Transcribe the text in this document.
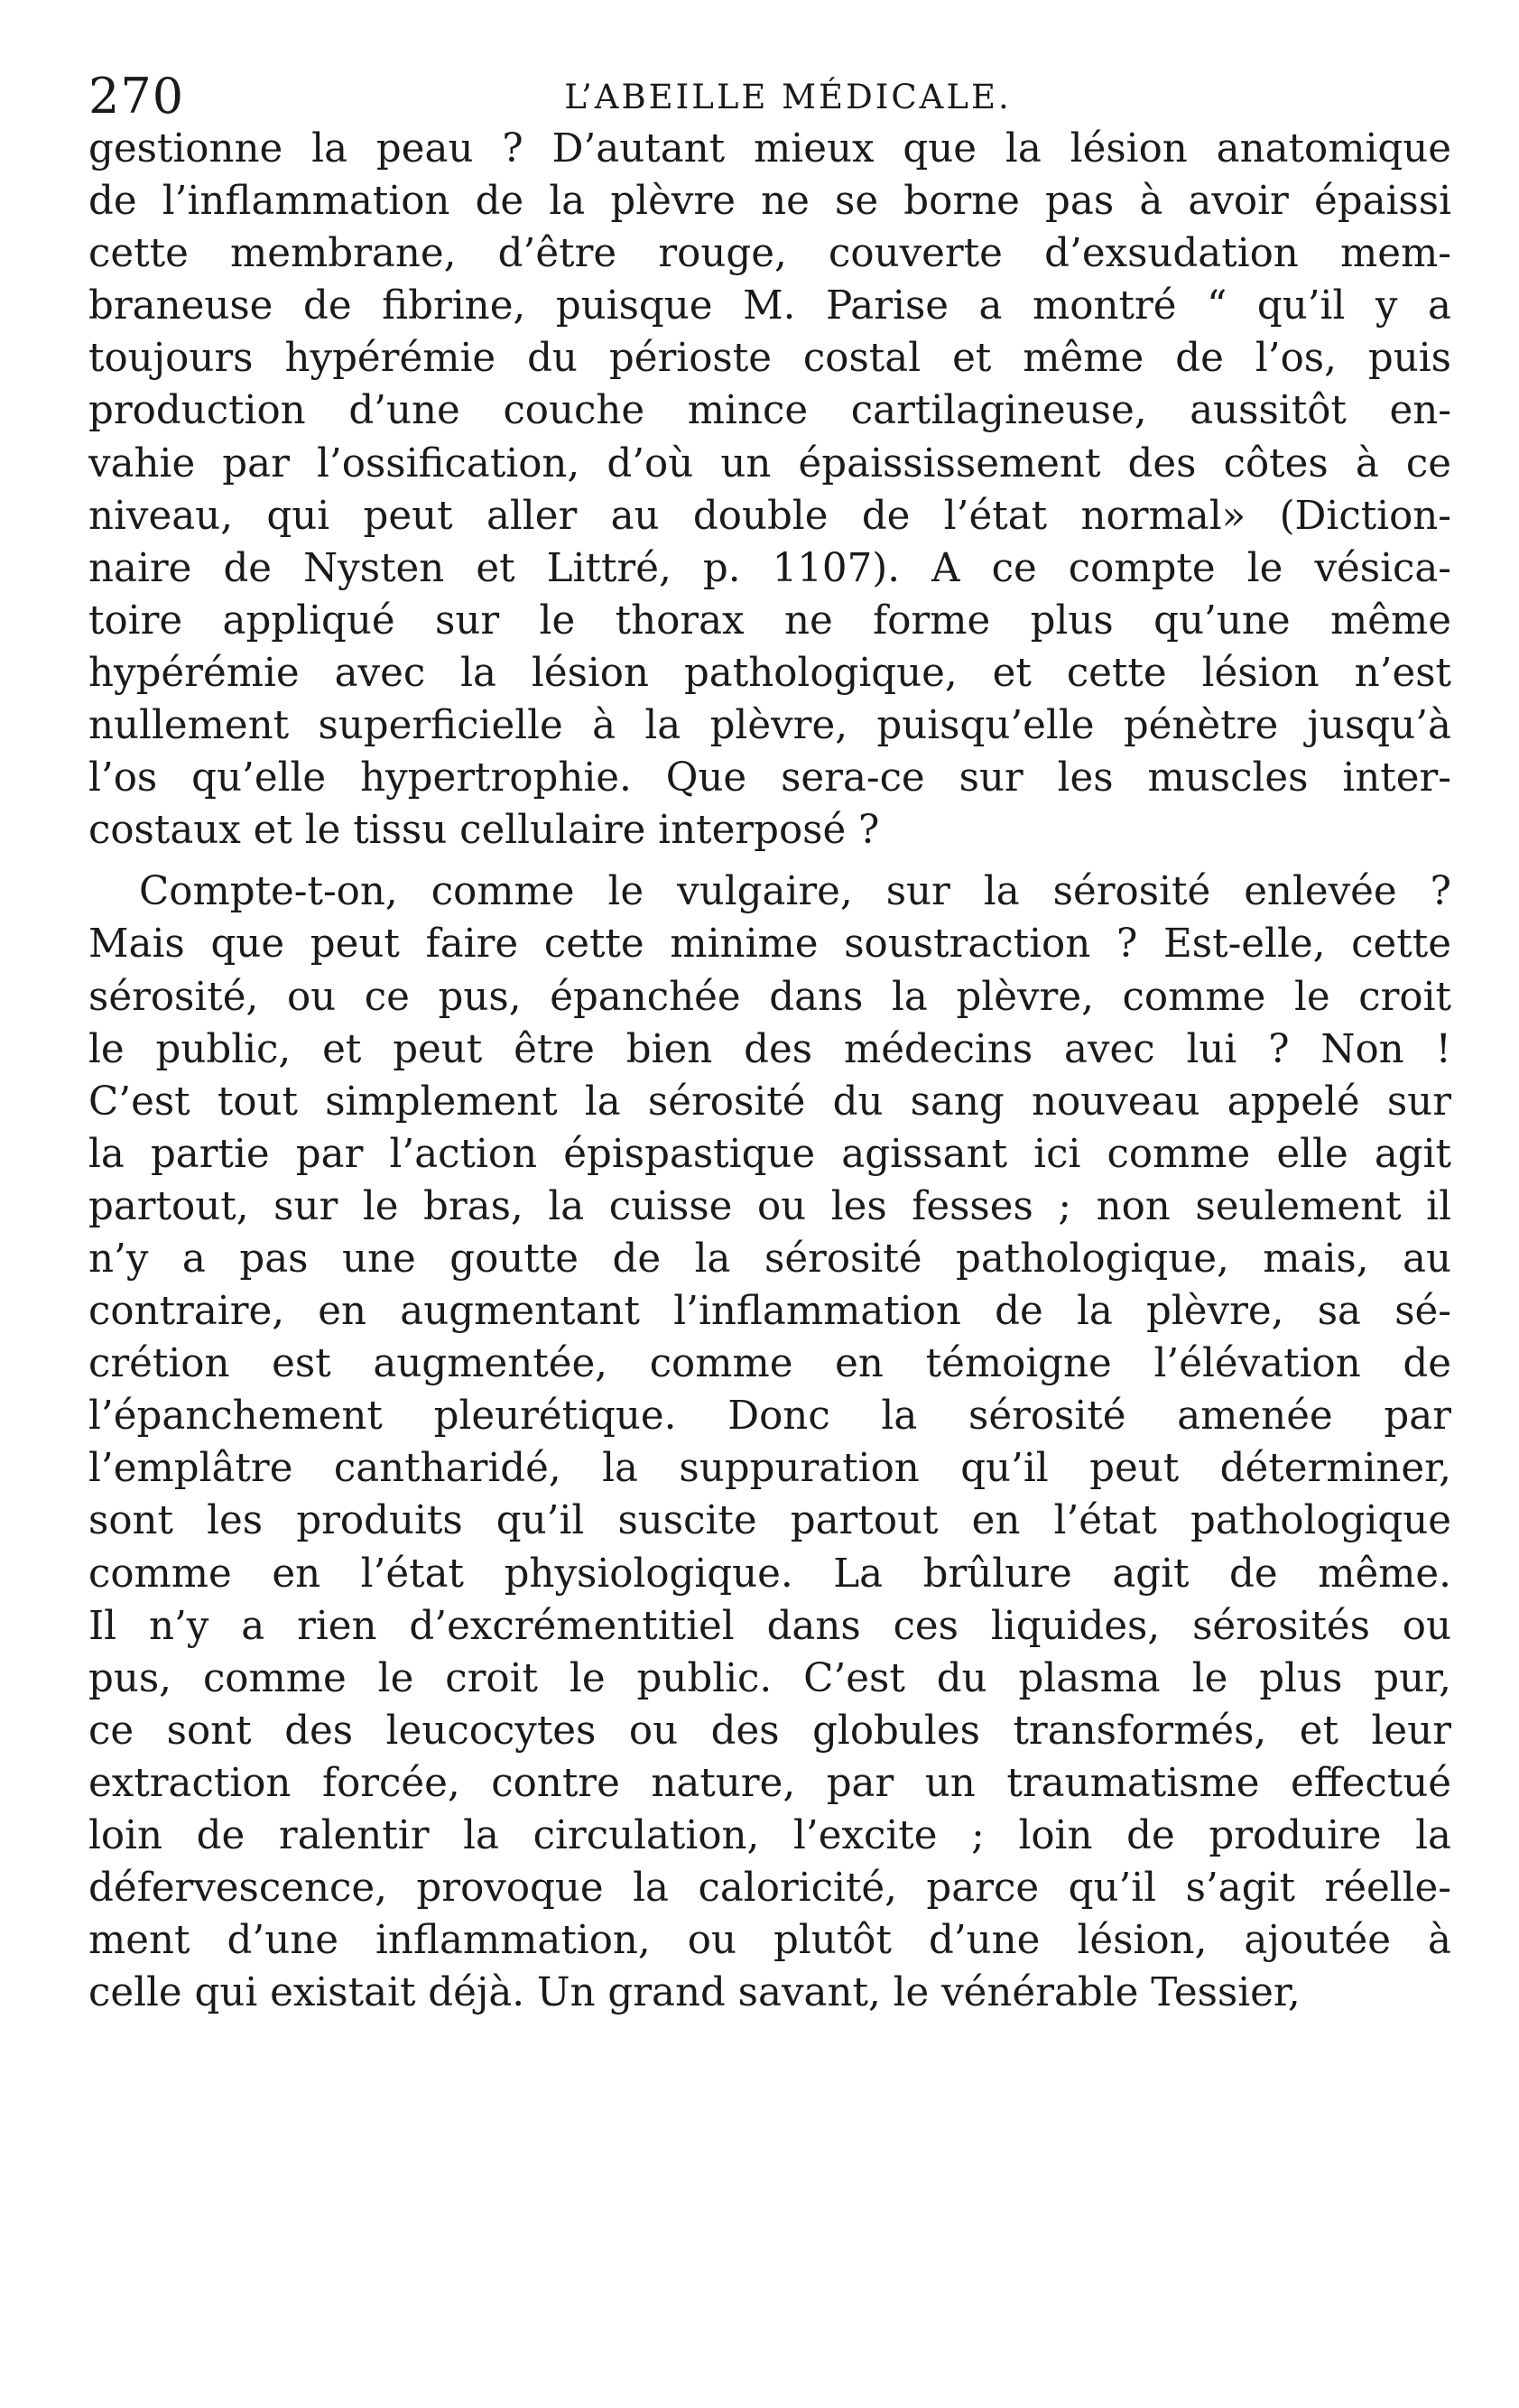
270	L’ABEILLE MÉDICALE.
gestionne la peau ? D’autant mieux que la lésion anatomique
de l’inflammation de la plèvre ne se borne pas à avoir épaissi
cette membrane, d’être rouge, couverte d’exsudation mem-
braneuse de fibrine, puisque M. Parise a montré “ qu’il y a
toujours hypérémie du périoste costal et même de l’os, puis
production d’une couche mince cartilagineuse, aussitôt en-
vahie par l’ossification, d’où un épaississement des côtes à ce
niveau, qui peut aller au double de l’état normal» (Diction-
naire de Nysten et Littré, p. 1107). A ce compte le vésica-
toire appliqué sur le thorax ne forme plus qu’une même
hypérémie avec la lésion pathologique, et cette lésion n’est
nullement superficielle à la plèvre, puisqu’elle pénètre jusqu’à
l’os qu’elle hypertrophie. Que sera-ce sur les muscles inter-
costaux et le tissu cellulaire interposé ?
Compte-t-on, comme le vulgaire, sur la sérosité enlevée ?
Mais que peut faire cette minime soustraction ? Est-elle, cette
sérosité, ou ce pus, épanchée dans la plèvre, comme le croit
le public, et peut être bien des médecins avec lui ? Non !
C’est tout simplement la sérosité du sang nouveau appelé sur
la partie par l’action épispastique agissant ici comme elle agit
partout, sur le bras, la cuisse ou les fesses ; non seulement il
n’y a pas une goutte de la sérosité pathologique, mais, au
contraire, en augmentant l’inflammation de la plèvre, sa sé-
crétion est augmentée, comme en témoigne l’élévation de
l’épanchement pleurétique. Donc la sérosité amenée par
l’emplâtre cantharidé, la suppuration qu’il peut déterminer,
sont les produits qu’il suscite partout en l’état pathologique
comme en l’état physiologique. La brûlure agit de même.
Il n’y a rien d’excrémentitiel dans ces liquides, sérosités ou
pus, comme le croit le public. C’est du plasma le plus pur,
ce sont des leucocytes ou des globules transformés, et leur
extraction forcée, contre nature, par un traumatisme effectué
loin de ralentir la circulation, l’excite ; loin de produire la
défervescence, provoque la caloricité, parce qu’il s’agit réelle-
ment d’une inflammation, ou plutôt d’une lésion, ajoutée à
celle qui existait déjà. Un grand savant, le vénérable Tessier,
